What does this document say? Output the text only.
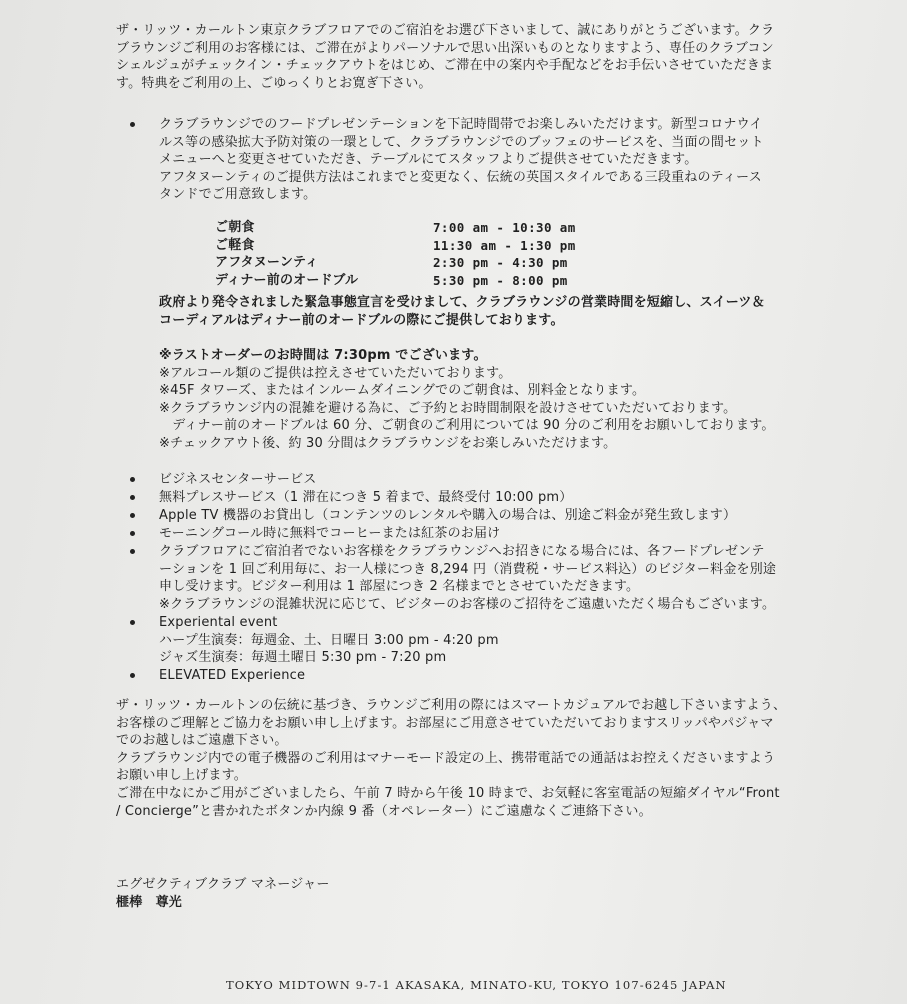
ザ・リッツ・カールトン東京クラブフロアでのご宿泊をお選び下さいまして、誠にありがとうございます。クラ
ブラウンジご利用のお客様には、ご滞在がよりパーソナルで思い出深いものとなりますよう、専任のクラブコン
シェルジュがチェックイン・チェックアウトをはじめ、ご滞在中の案内や手配などをお手伝いさせていただきま
す。特典をご利用の上、ごゆっくりとお寛ぎ下さい。
クラブラウンジでのフードプレゼンテーションを下記時間帯でお楽しみいただけます。新型コロナウイ
ルス等の感染拡大予防対策の一環として、クラブラウンジでのブッフェのサービスを、当面の間セット
メニューへと変更させていただき、テーブルにてスタッフよりご提供させていただきます。
アフタヌーンティのご提供方法はこれまでと変更なく、伝統の英国スタイルである三段重ねのティース
タンドでご用意致します。
ご朝食	7:00 am - 10:30 am
ご軽食	11:30 am - 1:30 pm
アフタヌーンティ	2:30 pm - 4:30 pm
ディナー前のオードブル	5:30 pm - 8:00 pm
政府より発令されました緊急事態宣言を受けまして、クラブラウンジの営業時間を短縮し、スイーツ＆
コーディアルはディナー前のオードブルの際にご提供しております。
※ラストオーダーのお時間は 7:30pm でございます。
※アルコール類のご提供は控えさせていただいております。
※45F タワーズ、またはインルームダイニングでのご朝食は、別料金となります。
※クラブラウンジ内の混雑を避ける為に、ご予約とお時間制限を設けさせていただいております。
　ディナー前のオードブルは 60 分、ご朝食のご利用については 90 分のご利用をお願いしております。
※チェックアウト後、約 30 分間はクラブラウンジをお楽しみいただけます。
ビジネスセンターサービス
無料プレスサービス（1 滞在につき 5 着まで、最終受付 10:00 pm）
Apple TV 機器のお貸出し（コンテンツのレンタルや購入の場合は、別途ご料金が発生致します）
モーニングコール時に無料でコーヒーまたは紅茶のお届け
クラブフロアにご宿泊者でないお客様をクラブラウンジへお招きになる場合には、各フードプレゼンテ
ーションを 1 回ご利用毎に、お一人様につき 8,294 円（消費税・サービス料込）のビジター料金を別途
申し受けます。ビジター利用は 1 部屋につき 2 名様までとさせていただきます。
※クラブラウンジの混雑状況に応じて、ビジターのお客様のご招待をご遠慮いただく場合もございます。
Experiental event
ハープ生演奏：毎週金、土、日曜日 3:00 pm - 4:20 pm
ジャズ生演奏：毎週土曜日 5:30 pm - 7:20 pm
ELEVATED Experience
ザ・リッツ・カールトンの伝統に基づき、ラウンジご利用の際にはスマートカジュアルでお越し下さいますよう、
お客様のご理解とご協力をお願い申し上げます。お部屋にご用意させていただいておりますスリッパやパジャマ
でのお越しはご遠慮下さい。
クラブラウンジ内での電子機器のご利用はマナーモード設定の上、携帯電話での通話はお控えくださいますよう
お願い申し上げます。
ご滞在中なにかご用がございましたら、午前 7 時から午後 10 時まで、お気軽に客室電話の短縮ダイヤル“Front
/ Concierge”と書かれたボタンか内線 9 番（オペレーター）にご遠慮なくご連絡下さい。
エグゼクティブクラブ マネージャー
榧棒　尊光
TOKYO MIDTOWN 9-7-1 AKASAKA, MINATO-KU, TOKYO 107-6245 JAPAN
